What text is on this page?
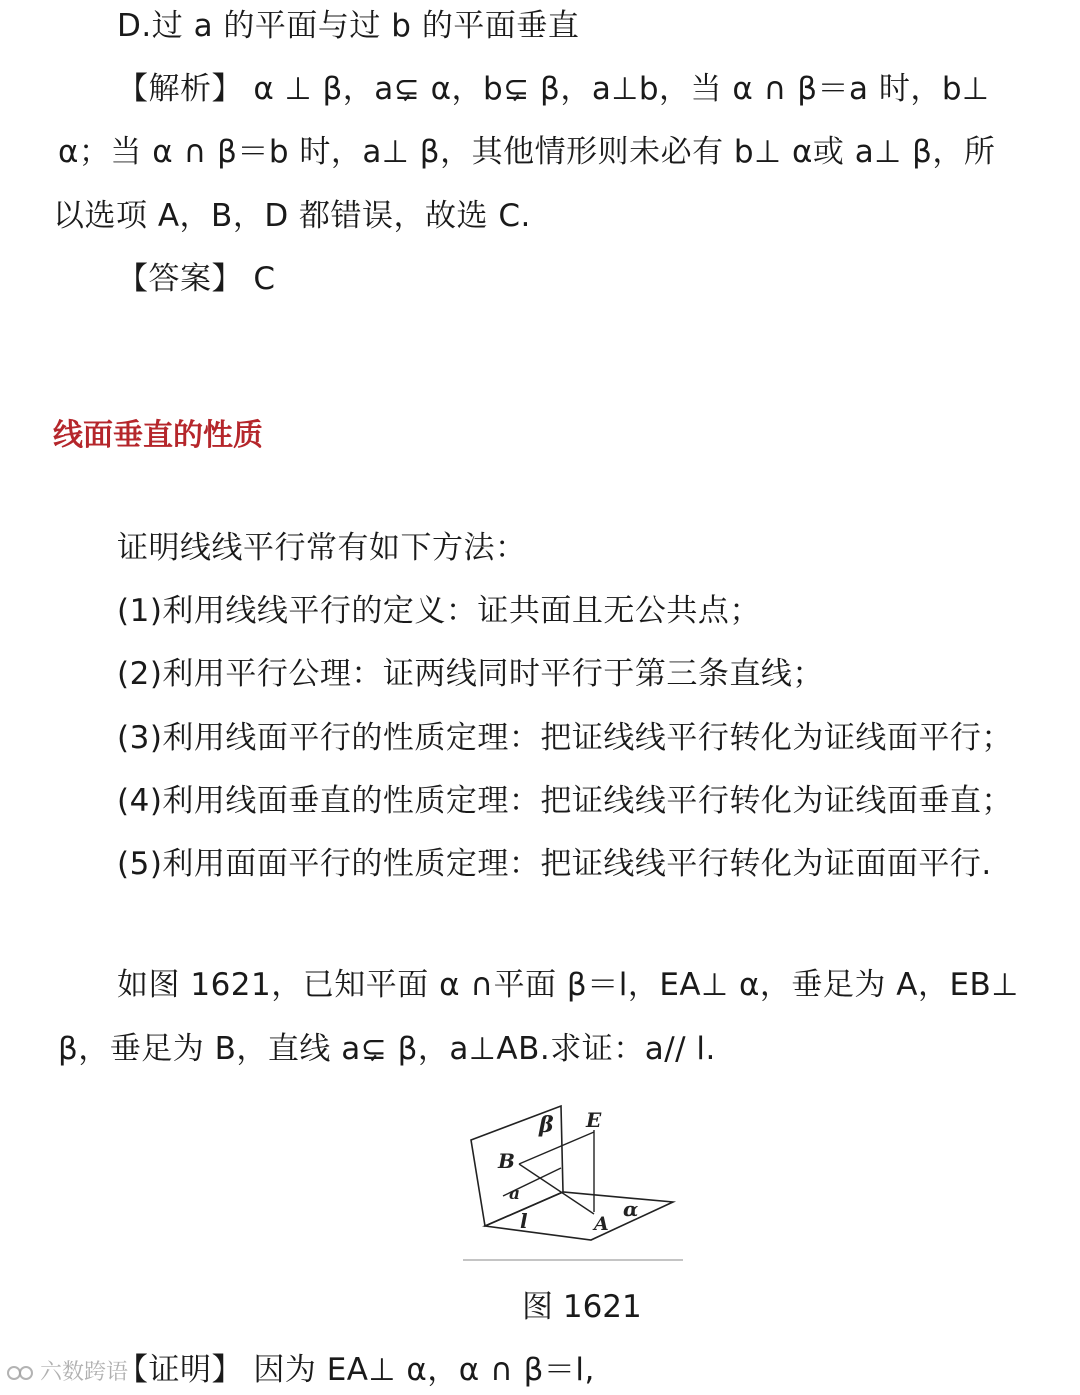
D.过 a 的平面与过 b 的平面垂直
【解析】 α ⊥ β，a⊊ α，b⊊ β，a⊥b，当 α ∩ β＝a 时，b⊥
α；当 α ∩ β＝b 时，a⊥ β，其他情形则未必有 b⊥ α或 a⊥ β，所
以选项 A，B，D 都错误，故选 C.
【答案】 C
线面垂直的性质
证明线线平行常有如下方法：
(1)利用线线平行的定义：证共面且无公共点；
(2)利用平行公理：证两线同时平行于第三条直线；
(3)利用线面平行的性质定理：把证线线平行转化为证线面平行；
(4)利用线面垂直的性质定理：把证线线平行转化为证线面垂直；
(5)利用面面平行的性质定理：把证线线平行转化为证面面平行.
如图 1621，已知平面 α ∩平面 β＝l，EA⊥ α，垂足为 A，EB⊥
β，垂足为 B，直线 a⊊ β，a⊥AB.求证：a// l.
β E
B
a
l	A
α
图 1621
【证明】 因为 EA⊥ α，α ∩ β＝l,
六数跨语
